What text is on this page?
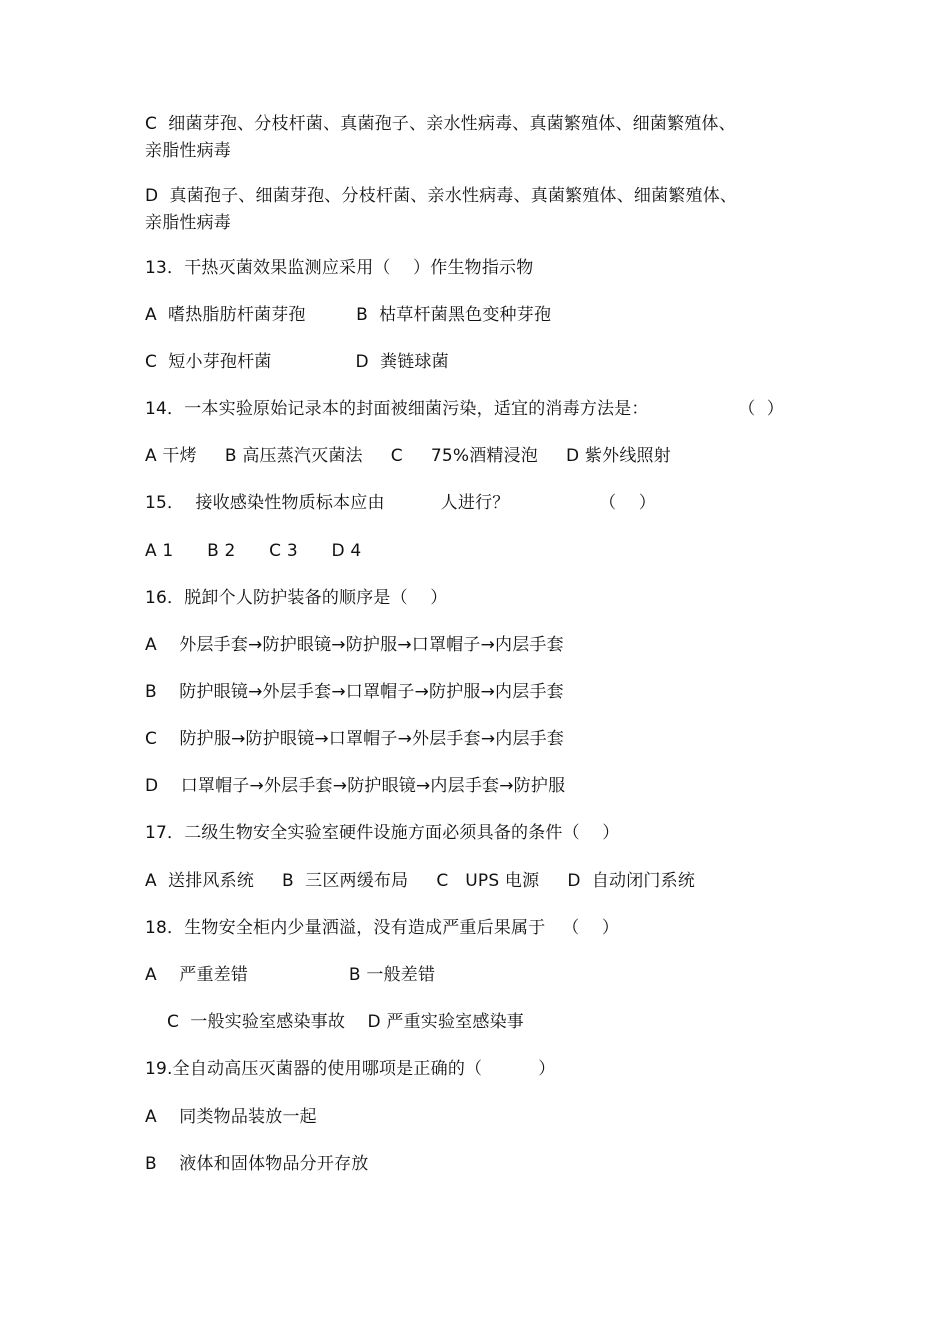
C  细菌芽孢、分枝杆菌、真菌孢子、亲水性病毒、真菌繁殖体、细菌繁殖体、
亲脂性病毒
D  真菌孢子、细菌芽孢、分枝杆菌、亲水性病毒、真菌繁殖体、细菌繁殖体、
亲脂性病毒
13．干热灭菌效果监测应采用（    ）作生物指示物
A  嗜热脂肪杆菌芽孢         B  枯草杆菌黑色变种芽孢
C  短小芽孢杆菌               D  粪链球菌
14．一本实验原始记录本的封面被细菌污染，适宜的消毒方法是：                （  ）
A 干烤     B 高压蒸汽灭菌法     C     75%酒精浸泡     D 紫外线照射
15．  接收感染性物质标本应由          人进行？                （    ）
A 1      B 2      C 3      D 4
16．脱卸个人防护装备的顺序是（    ）
A    外层手套→防护眼镜→防护服→口罩帽子→内层手套
B    防护眼镜→外层手套→口罩帽子→防护服→内层手套
C    防护服→防护眼镜→口罩帽子→外层手套→内层手套
D    口罩帽子→外层手套→防护眼镜→内层手套→防护服
17．二级生物安全实验室硬件设施方面必须具备的条件（    ）
A  送排风系统     B  三区两缓布局     C   UPS 电源     D  自动闭门系统
18．生物安全柜内少量洒溢，没有造成严重后果属于   （    ）
A    严重差错                  B 一般差错
C  一般实验室感染事故    D 严重实验室感染事
19.全自动高压灭菌器的使用哪项是正确的（          ）
A    同类物品装放一起
B    液体和固体物品分开存放
